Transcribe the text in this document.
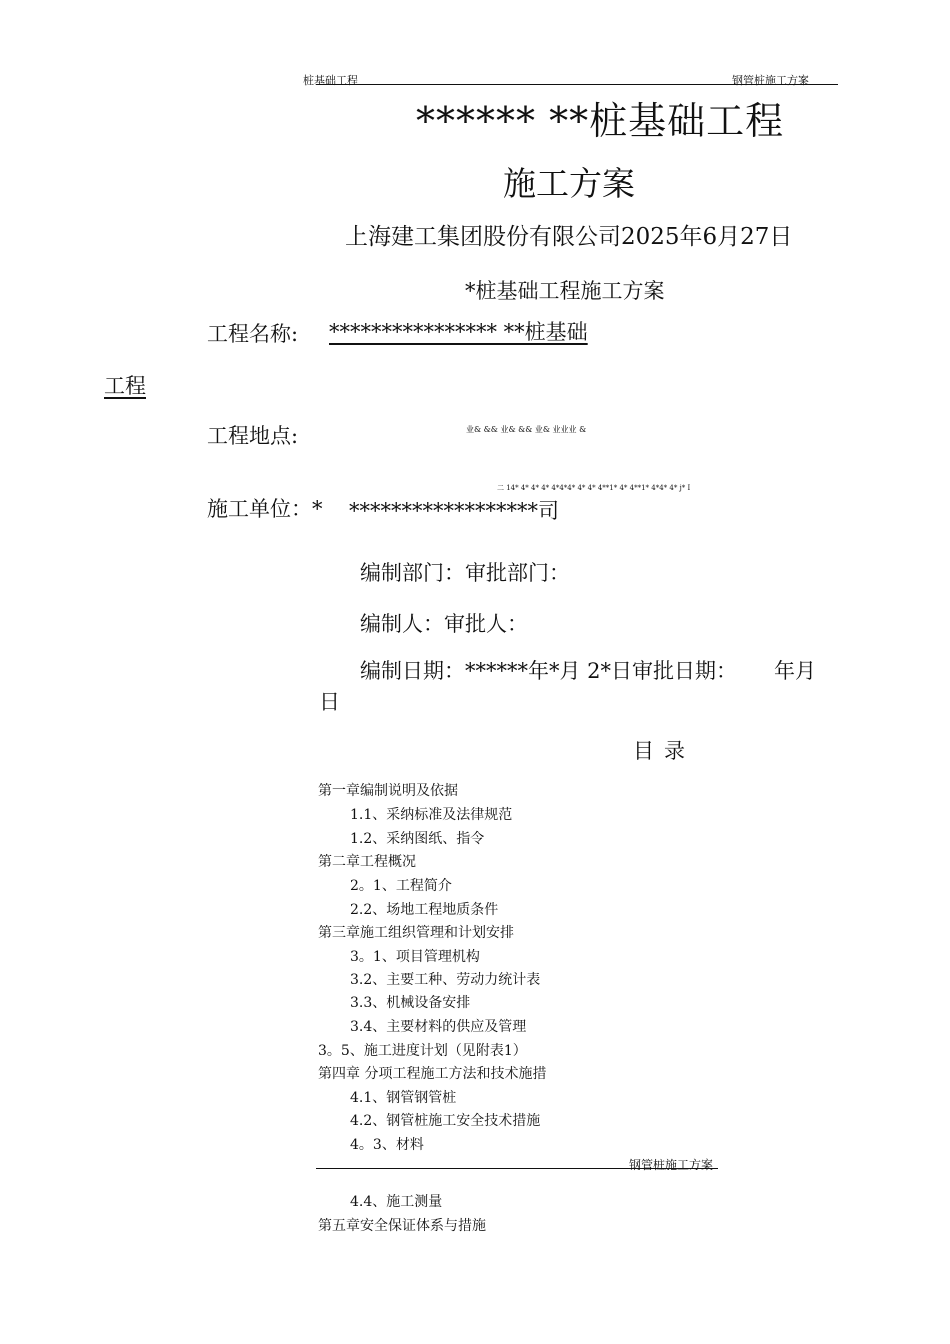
桩基础工程	钢管桩施工方案
****** **桩基础工程
施工方案
上海建工集团股份有限公司2025年6月27日
*桩基础工程施工方案
工程名称: **************** **桩基础
工程
工程地点:	业& && 业& && 业& 业业业 &
二 14* 4* 4* 4* 4*4*4* 4* 4* 4**1* 4* 4**1* 4*4* 4* j* I
施工单位：* ******************司
编制部门：审批部门：
编制人：审批人：
编制日期：******年*月 2*日审批日期： 年月
日
目录
第一章编制说明及依据
1.1、采纳标准及法律规范
1.2、采纳图纸、指令
第二章工程概况
2。1、工程简介
2.2、场地工程地质条件
第三章施工组织管理和计划安排
3。1、项目管理机构
3.2、主要工种、劳动力统计表
3.3、机械设备安排
3.4、主要材料的供应及管理
3。5、施工进度计划（见附表1）
第四章 分项工程施工方法和技术施措
4.1、钢管钢管桩
4.2、钢管桩施工安全技术措施
4。3、材料
4.4、施工测量
第五章安全保证体系与措施
钢管桩施工方案
